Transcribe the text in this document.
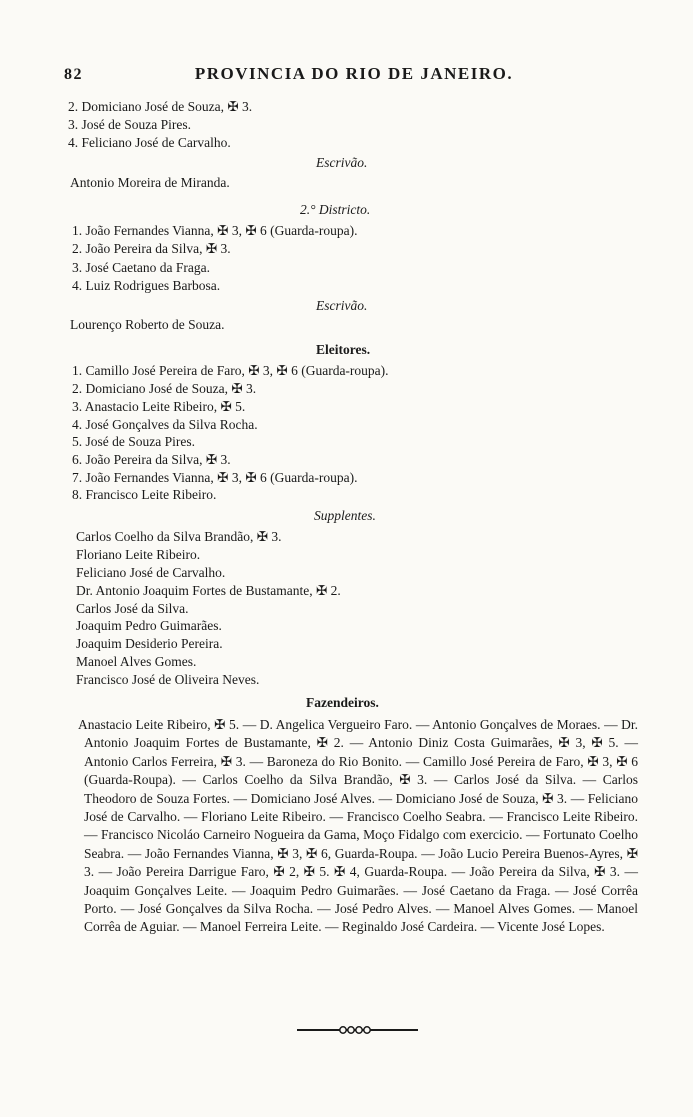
82	PROVINCIA DO RIO DE JANEIRO.
2. Domiciano José de Souza, ✠ 3.
3. José de Souza Pires.
4. Feliciano José de Carvalho.
Escrivão.
Antonio Moreira de Miranda.
2.° Districto.
1. João Fernandes Vianna, ✠ 3, ✠ 6 (Guarda-roupa).
2. João Pereira da Silva, ✠ 3.
3. José Caetano da Fraga.
4. Luiz Rodrigues Barbosa.
Escrivão.
Lourenço Roberto de Souza.
Eleitores.
1. Camillo José Pereira de Faro, ✠ 3, ✠ 6 (Guarda-roupa).
2. Domiciano José de Souza, ✠ 3.
3. Anastacio Leite Ribeiro, ✠ 5.
4. José Gonçalves da Silva Rocha.
5. José de Souza Pires.
6. João Pereira da Silva, ✠ 3.
7. João Fernandes Vianna, ✠ 3, ✠ 6 (Guarda-roupa).
8. Francisco Leite Ribeiro.
Supplentes.
Carlos Coelho da Silva Brandão, ✠ 3.
Floriano Leite Ribeiro.
Feliciano José de Carvalho.
Dr. Antonio Joaquim Fortes de Bustamante, ✠ 2.
Carlos José da Silva.
Joaquim Pedro Guimarães.
Joaquim Desiderio Pereira.
Manoel Alves Gomes.
Francisco José de Oliveira Neves.
Fazendeiros.

Anastacio Leite Ribeiro, ✠ 5. — D. Angelica Vergueiro Faro. — Antonio Gonçalves de Moraes. — Dr. Antonio Joaquim Fortes de Bustamante, ✠ 2. — Antonio Diniz Costa Guimarães, ✠ 3, ✠ 5. — Antonio Carlos Ferreira, ✠ 3. — Baroneza do Rio Bonito. — Camillo José Pereira de Faro, ✠ 3, ✠ 6 (Guarda-Roupa). — Carlos Coelho da Silva Brandão, ✠ 3. — Carlos José da Silva. — Carlos Theodoro de Souza Fortes. — Domiciano José Alves. — Domiciano José de Souza, ✠ 3. — Feliciano José de Carvalho. — Floriano Leite Ribeiro. — Francisco Coelho Seabra. — Francisco Leite Ribeiro. — Francisco Nicoláo Carneiro Nogueira da Gama, Moço Fidalgo com exercicio. — Fortunato Coelho Seabra. — João Fernandes Vianna, ✠ 3, ✠ 6, Guarda-Roupa. — João Lucio Pereira Buenos-Ayres, ✠ 3. — João Pereira Darrigue Faro, ✠ 2, ✠ 5. ✠ 4, Guarda-Roupa. — João Pereira da Silva, ✠ 3. — Joaquim Gonçalves Leite. — Joaquim Pedro Guimarães. — José Caetano da Fraga. — José Corrêa Porto. — José Gonçalves da Silva Rocha. — José Pedro Alves. — Manoel Alves Gomes. — Manoel Corrêa de Aguiar. — Manoel Ferreira Leite. — Reginaldo José Cardeira. — Vicente José Lopes.
